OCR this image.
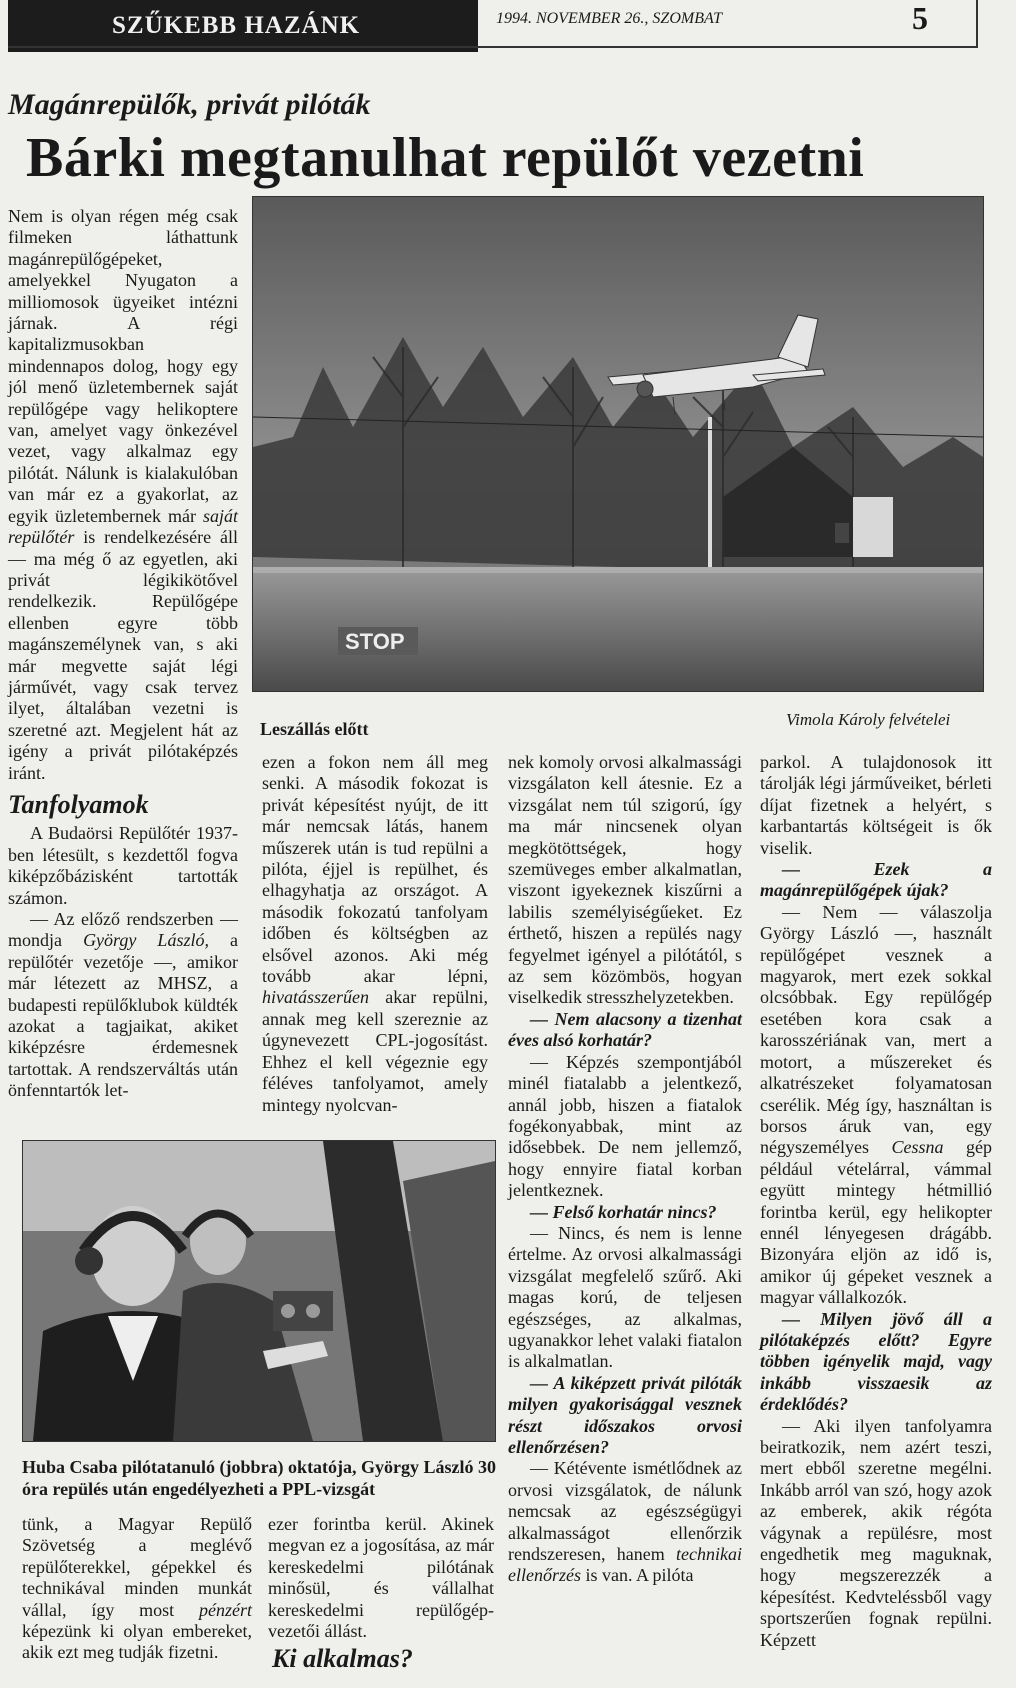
SZŰKEBB HAZÁNK	1994. NOVEMBER 26., SZOMBAT	5
Magánrepülők, privát pilóták
Bárki megtanulhat repülőt vezetni

Nem is olyan régen még csak filmeken láthattunk magánrepülőgépeket, amelyekkel Nyugaton a milliomosok ügyeiket intézni járnak. A régi kapitalizmusokban mindennapos dolog, hogy egy jól menő üzletembernek saját repülőgépe vagy helikoptere van, amelyet vagy önkezével vezet, vagy alkalmaz egy pilótát. Nálunk is kialakulóban van már ez a gyakorlat, az egyik üzletembernek már saját repülőtér is rendelkezésére áll — ma még ő az egyetlen, aki privát légikikötővel rendelkezik. Repülőgépe ellenben egyre több magánszemélynek van, s aki már megvette saját légi járművét, vagy csak tervez ilyet, általában vezetni is szeretné azt. Megjelent hát az igény a privát pilótaképzés iránt.

Tanfolyamok

A Budaörsi Repülőtér 1937-ben létesült, s kezdettől fogva kiképzőbázisként tartották számon.

— Az előző rendszerben — mondja György László, a repülőtér vezetője —, amikor már létezett az MHSZ, a budapesti repülőklubok küldték azokat a tagjaikat, akiket kiképzésre érdemesnek tartottak. A rendszerváltás után önfenntartók let-

STOP
Leszállás előtt	Vimola Károly felvételei

ezen a fokon nem áll meg senki. A második fokozat is privát képesítést nyújt, de itt már nemcsak látás, hanem műszerek után is tud repülni a pilóta, éjjel is repülhet, és elhagyhatja az országot. A második fokozatú tanfolyam időben és költségben az elsővel azonos. Aki még tovább akar lépni, hivatásszerűen akar repülni, annak meg kell szereznie az úgynevezett CPL-jogosítást. Ehhez el kell végeznie egy féléves tanfolyamot, amely mintegy nyolcvan-

nek komoly orvosi alkalmassági vizsgálaton kell átesnie. Ez a vizsgálat nem túl szigorú, így ma már nincsenek olyan megkötöttségek, hogy szemüveges ember alkalmatlan, viszont igyekeznek kiszűrni a labilis személyiségűeket. Ez érthető, hiszen a repülés nagy fegyelmet igényel a pilótától, s az sem közömbös, hogyan viselkedik stresszhelyzetekben.

— Nem alacsony a tizenhat éves alsó korhatár?

— Képzés szempontjából minél fiatalabb a jelentkező, annál jobb, hiszen a fiatalok fogékonyabbak, mint az idősebbek. De nem jellemző, hogy ennyire fiatal korban jelentkeznek.

— Felső korhatár nincs?

— Nincs, és nem is lenne értelme. Az orvosi alkalmassági vizsgálat megfelelő szűrő. Aki magas korú, de teljesen egészséges, az alkalmas, ugyanakkor lehet valaki fiatalon is alkalmatlan.

— A kiképzett privát pilóták milyen gyakorisággal vesznek részt időszakos orvosi ellenőrzésen?

— Kétévente ismétlődnek az orvosi vizsgálatok, de nálunk nemcsak az egészségügyi alkalmasságot ellenőrzik rendszeresen, hanem technikai ellenőrzés is van. A pilóta

parkol. A tulajdonosok itt tárolják légi járműveiket, bérleti díjat fizetnek a helyért, s karbantartás költségeit is ők viselik.

— Ezek a magánrepülőgépek újak?

— Nem — válaszolja György László —, használt repülőgépet vesznek a magyarok, mert ezek sokkal olcsóbbak. Egy repülőgép esetében kora csak a karosszériának van, mert a motort, a műszereket és alkatrészeket folyamatosan cserélik. Még így, használtan is borsos áruk van, egy négyszemélyes Cessna gép például vételárral, vámmal együtt mintegy hétmillió forintba kerül, egy helikopter ennél lényegesen drágább. Bizonyára eljön az idő is, amikor új gépeket vesznek a magyar vállalkozók.

— Milyen jövő áll a pilótaképzés előtt? Egyre többen igényelik majd, vagy inkább visszaesik az érdeklődés?

— Aki ilyen tanfolyamra beiratkozik, nem azért teszi, mert ebből szeretne megélni. Inkább arról van szó, hogy azok az emberek, akik régóta vágynak a repülésre, most engedhetik meg maguknak, hogy megszerezzék a képesítést. Kedvteléssből vagy sportszerűen fognak repülni. Képzett

Huba Csaba pilótatanuló (jobbra) oktatója, György László 30 óra repülés után engedélyezheti a PPL-vizsgát

tünk, a Magyar Repülő Szövetség a meglévő repülőterekkel, gépekkel és technikával minden munkát vállal, így most pénzért képezünk ki olyan embereket, akik ezt meg tudják fizetni.

ezer forintba kerül. Akinek megvan ez a jogosítása, az már kereskedelmi pilótának minősül, és vállalhat kereskedelmi repülőgép-vezetői állást.

Ki alkalmas?
